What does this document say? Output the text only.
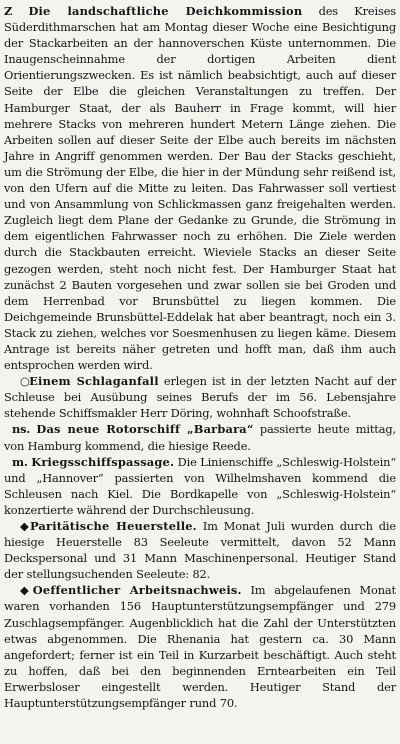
Z Die landschaftliche Deichkommission des Kreises Süderdithmarschen hat am Montag dieser Woche eine Besichtigung der Stackarbeiten an der hannoverschen Küste unternommen. Die Inaugenscheinnahme der dortigen Arbeiten dient Orientierungszwecken. Es ist nämlich beabsichtigt, auch auf dieser Seite der Elbe die gleichen Veranstaltungen zu treffen. Der Hamburger Staat, der als Bauherr in Frage kommt, will hier mehrere Stacks von mehreren hundert Metern Länge ziehen. Die Arbeiten sollen auf dieser Seite der Elbe auch bereits im nächsten Jahre in Angriff genommen werden. Der Bau der Stacks geschieht, um die Strömung der Elbe, die hier in der Mündung sehr reißend ist, von den Ufern auf die Mitte zu leiten. Das Fahrwasser soll vertiest und von Ansammlung von Schlickmassen ganz freigehalten werden. Zugleich liegt dem Plane der Gedanke zu Grunde, die Strömung in dem eigentlichen Fahrwasser noch zu erhöhen. Die Ziele werden durch die Stackbauten erreicht. Wieviele Stacks an dieser Seite gezogen werden, steht noch nicht fest. Der Hamburger Staat hat zunächst 2 Bauten vorgesehen und zwar sollen sie bei Groden und dem Herrenbad vor Brunsbüttel zu liegen kommen. Die Deichgemeinde Brunsbüttel-Eddelak hat aber beantragt, noch ein 3. Stack zu ziehen, welches vor Soesmenhusen zu liegen käme. Diesem Antrage ist bereits näher getreten und hofft man, daß ihm auch entsprochen werden wird.

○ Einem Schlaganfall erlegen ist in der letzten Nacht auf der Schleuse bei Ausübung seines Berufs der im 56. Lebensjahre stehende Schiffsmakler Herr Döring, wohnhaft Schoofstraße.

ns. Das neue Rotorschiff „Barbara“ passierte heute mittag, von Hamburg kommend, die hiesige Reede.

m. Kriegsschiffspassage. Die Linienschiffe „Schleswig-Holstein“ und „Hannover“ passierten von Wilhelmshaven kommend die Schleusen nach Kiel. Die Bordkapelle von „Schleswig-Holstein“ konzertierte während der Durchschleusung.

◆ Paritätische Heuerstelle. Im Monat Juli wurden durch die hiesige Heuerstelle 83 Seeleute vermittelt, davon 52 Mann Deckspersonal und 31 Mann Maschinenpersonal. Heutiger Stand der stellungsuchenden Seeleute: 82.

◆ Oeffentlicher Arbeitsnachweis. Im abgelaufenen Monat waren vorhanden 156 Hauptunterstützungsempfänger und 279 Zuschlagsempfänger. Augenblicklich hat die Zahl der Unterstützten etwas abgenommen. Die Rhenania hat gestern ca. 30 Mann angefordert; ferner ist ein Teil in Kurzarbeit beschäftigt. Auch steht zu hoffen, daß bei den beginnenden Erntearbeiten ein Teil Erwerbsloser eingestellt werden. Heutiger Stand der Hauptunterstützungsempfänger rund 70.
